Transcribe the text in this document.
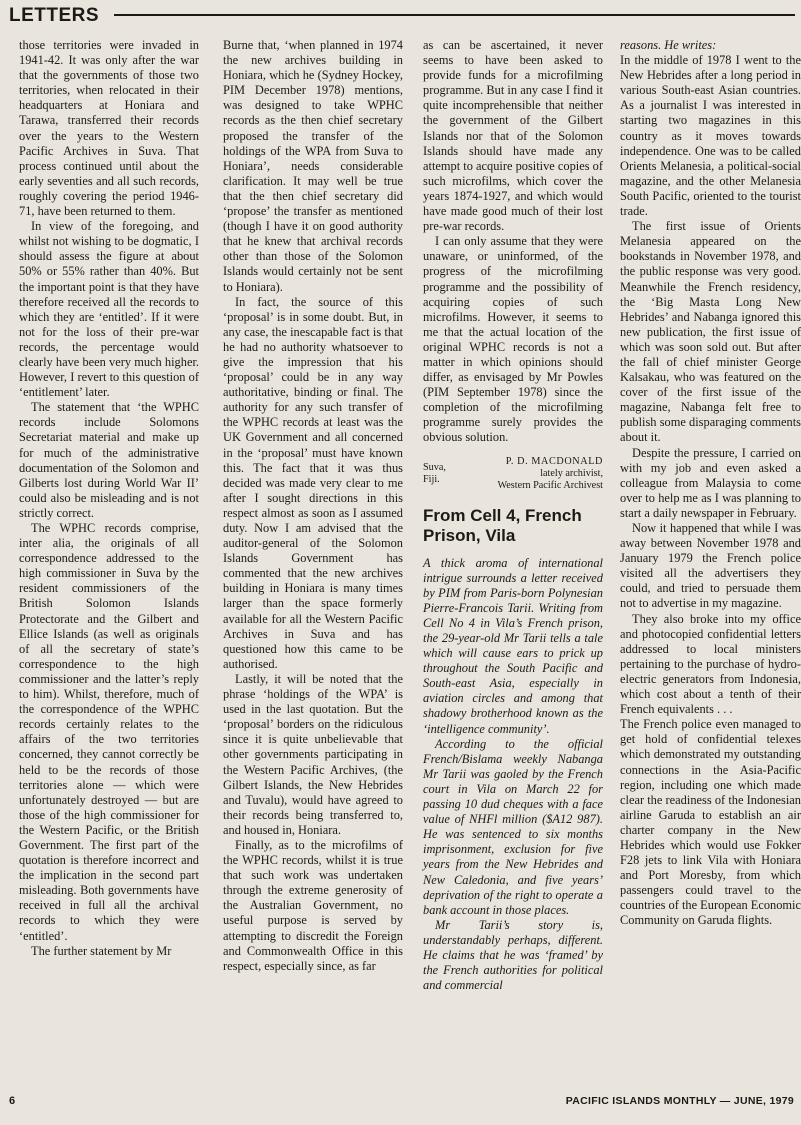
LETTERS

those territories were invaded in 1941-42. It was only after the war that the governments of those two territories, when relocated in their headquarters at Honiara and Tarawa, transferred their records over the years to the Western Pacific Archives in Suva. That process continued until about the early seventies and all such records, roughly covering the period 1946-71, have been returned to them.

In view of the foregoing, and whilst not wishing to be dogmatic, I should assess the figure at about 50% or 55% rather than 40%. But the important point is that they have therefore received all the records to which they are ‘entitled’. If it were not for the loss of their pre-war records, the percentage would clearly have been very much higher. However, I revert to this question of ‘entitlement’ later.

The statement that ‘the WPHC records include Solomons Secretariat material and make up for much of the administrative documentation of the Solomon and Gilberts lost during World War II’ could also be misleading and is not strictly correct.

The WPHC records comprise, inter alia, the originals of all correspondence addressed to the high commissioner in Suva by the resident commissioners of the British Solomon Islands Protectorate and the Gilbert and Ellice Islands (as well as originals of all the secretary of state’s correspondence to the high commissioner and the latter’s reply to him). Whilst, therefore, much of the correspondence of the WPHC records certainly relates to the affairs of the two territories concerned, they cannot correctly be held to be the records of those territories alone — which were unfortunately destroyed — but are those of the high commissioner for the Western Pacific, or the British Government. The first part of the quotation is therefore incorrect and the implication in the second part misleading. Both governments have received in full all the archival records to which they were ‘entitled’.

The further statement by Mr

Burne that, ‘when planned in 1974 the new archives building in Honiara, which he (Sydney Hockey, PIM December 1978) mentions, was designed to take WPHC records as the then chief secretary proposed the transfer of the holdings of the WPA from Suva to Honiara’, needs considerable clarification. It may well be true that the then chief secretary did ‘propose’ the transfer as mentioned (though I have it on good authority that he knew that archival records other than those of the Solomon Islands would certainly not be sent to Honiara).

In fact, the source of this ‘proposal’ is in some doubt. But, in any case, the inescapable fact is that he had no authority whatsoever to give the impression that his ‘proposal’ could be in any way authoritative, binding or final. The authority for any such transfer of the WPHC records at least was the UK Government and all concerned in the ‘proposal’ must have known this. The fact that it was thus decided was made very clear to me after I sought directions in this respect almost as soon as I assumed duty. Now I am advised that the auditor-general of the Solomon Islands Government has commented that the new archives building in Honiara is many times larger than the space formerly available for all the Western Pacific Archives in Suva and has questioned how this came to be authorised.

Lastly, it will be noted that the phrase ‘holdings of the WPA’ is used in the last quotation. But the ‘proposal’ borders on the ridiculous since it is quite unbelievable that other governments participating in the Western Pacific Archives, (the Gilbert Islands, the New Hebrides and Tuvalu), would have agreed to their records being transferred to, and housed in, Honiara.

Finally, as to the microfilms of the WPHC records, whilst it is true that such work was undertaken through the extreme generosity of the Australian Government, no useful purpose is served by attempting to discredit the Foreign and Commonwealth Office in this respect, especially since, as far

as can be ascertained, it never seems to have been asked to provide funds for a microfilming programme. But in any case I find it quite incomprehensible that neither the government of the Gilbert Islands nor that of the Solomon Islands should have made any attempt to acquire positive copies of such microfilms, which cover the years 1874-1927, and which would have made good much of their lost pre-war records.

I can only assume that they were unaware, or uninformed, of the progress of the microfilming programme and the possibility of acquiring copies of such microfilms. However, it seems to me that the actual location of the original WPHC records is not a matter in which opinions should differ, as envisaged by Mr Powles (PIM September 1978) since the completion of the microfilming programme surely provides the obvious solution.

Suva,
Fiji.
P. D. MACDONALD
lately archivist,
Western Pacific Archivest
From Cell 4, French
Prison, Vila

A thick aroma of international intrigue surrounds a letter received by PIM from Paris-born Polynesian Pierre-Francois Tarii. Writing from Cell No 4 in Vila’s French prison, the 29-year-old Mr Tarii tells a tale which will cause ears to prick up throughout the South Pacific and South-east Asia, especially in aviation circles and among that shadowy brotherhood known as the ‘intelligence community’.

According to the official French/Bislama weekly Nabanga Mr Tarii was gaoled by the French court in Vila on March 22 for passing 10 dud cheques with a face value of NHFl million ($A12 987). He was sentenced to six months imprisonment, exclusion for five years from the New Hebrides and New Caledonia, and five years’ deprivation of the right to operate a bank account in those places.

Mr Tarii’s story is, understandably perhaps, different. He claims that he was ‘framed’ by the French authorities for political and commercial

reasons. He writes:

In the middle of 1978 I went to the New Hebrides after a long period in various South-east Asian countries. As a journalist I was interested in starting two magazines in this country as it moves towards independence. One was to be called Orients Melanesia, a political-social magazine, and the other Melanesia South Pacific, oriented to the tourist trade.

The first issue of Orients Melanesia appeared on the bookstands in November 1978, and the public response was very good. Meanwhile the French residency, the ‘Big Masta Long New Hebrides’ and Nabanga ignored this new publication, the first issue of which was soon sold out. But after the fall of chief minister George Kalsakau, who was featured on the cover of the first issue of the magazine, Nabanga felt free to publish some disparaging comments about it.

Despite the pressure, I carried on with my job and even asked a colleague from Malaysia to come over to help me as I was planning to start a daily newspaper in February.

Now it happened that while I was away between November 1978 and January 1979 the French police visited all the advertisers they could, and tried to persuade them not to advertise in my magazine.

They also broke into my office and photocopied confidential letters addressed to local ministers pertaining to the purchase of hydro-electric generators from Indonesia, which cost about a tenth of their French equivalents . . .

The French police even managed to get hold of confidential telexes which demonstrated my outstanding connections in the Asia-Pacific region, including one which made clear the readiness of the Indonesian airline Garuda to establish an air charter company in the New Hebrides which would use Fokker F28 jets to link Vila with Honiara and Port Moresby, from which passengers could travel to the countries of the European Economic Community on Garuda flights.

6	PACIFIC ISLANDS MONTHLY — JUNE, 1979
